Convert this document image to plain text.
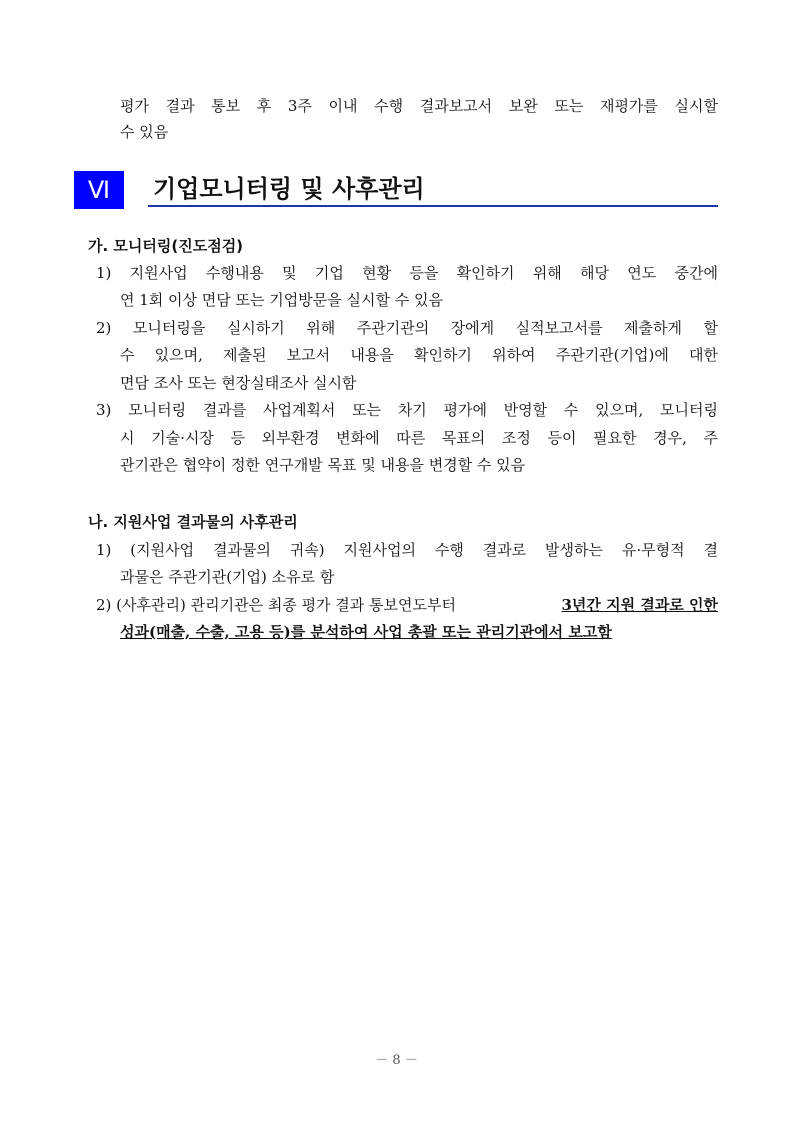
평가 결과 통보 후 3주 이내 수행 결과보고서 보완 또는 재평가를 실시할
수 있음
Ⅵ	기업모니터링 및 사후관리
가. 모니터링(진도점검)
1) 지원사업 수행내용 및 기업 현황 등을 확인하기 위해 해당 연도 중간에
연 1회 이상 면담 또는 기업방문을 실시할 수 있음
2) 모니터링을 실시하기 위해 주관기관의 장에게 실적보고서를 제출하게 할
수 있으며, 제출된 보고서 내용을 확인하기 위하여 주관기관(기업)에 대한
면담 조사 또는 현장실태조사 실시함
3) 모니터링 결과를 사업계획서 또는 차기 평가에 반영할 수 있으며, 모니터링
시 기술·시장 등 외부환경 변화에 따른 목표의 조정 등이 필요한 경우, 주
관기관은 협약이 정한 연구개발 목표 및 내용을 변경할 수 있음
나. 지원사업 결과물의 사후관리
1) (지원사업 결과물의 귀속) 지원사업의 수행 결과로 발생하는 유·무형적 결
과물은 주관기관(기업) 소유로 함
2) (사후관리) 관리기관은 최종 평가 결과 통보연도부터	3년간 지원 결과로 인한
성과(매출, 수출, 고용 등)를 분석하여 사업 총괄 또는 관리기관에서 보고함
－ 8 －
